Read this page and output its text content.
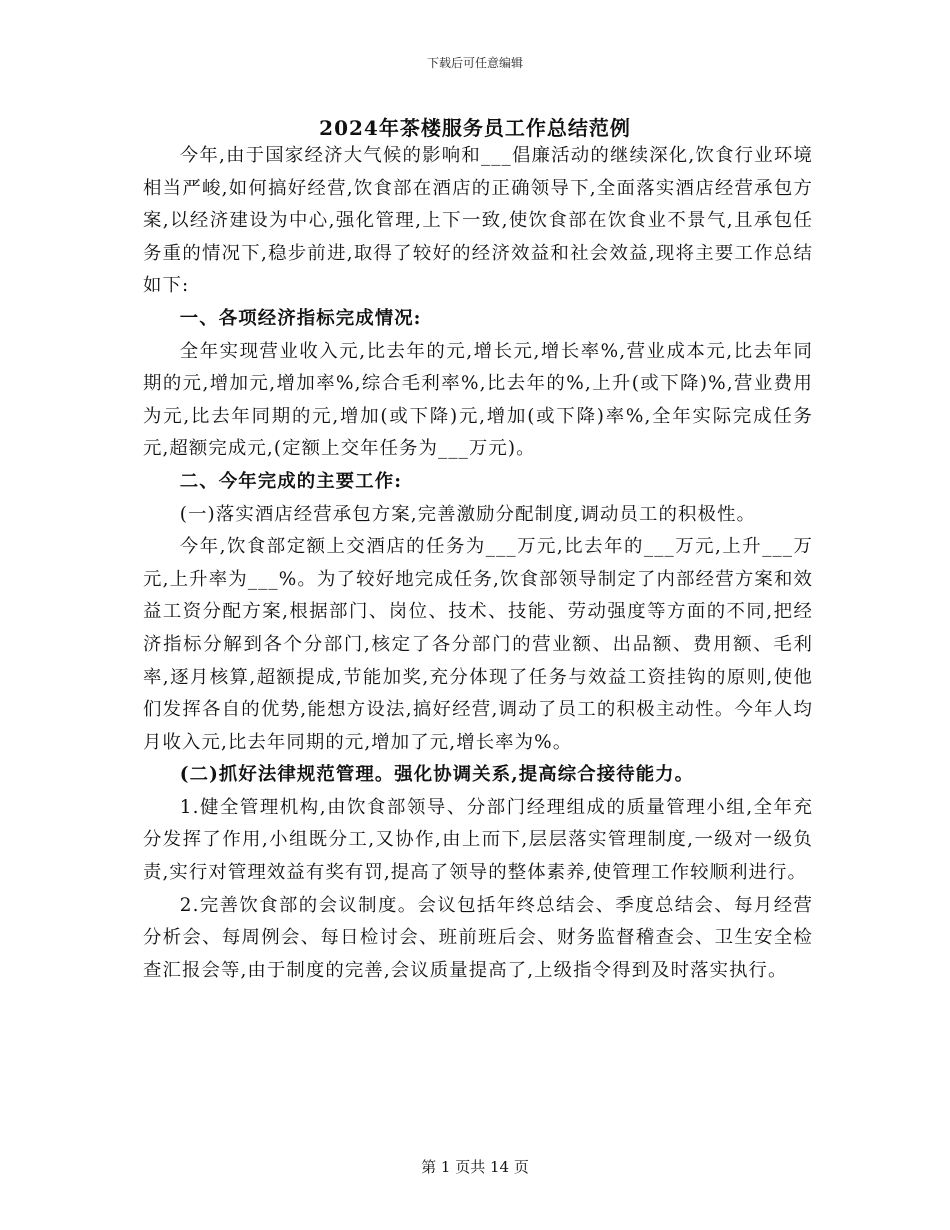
下载后可任意编辑
2024年茶楼服务员工作总结范例

今年,由于国家经济大气候的影响和___倡廉活动的继续深化,饮食行业环境相当严峻,如何搞好经营,饮食部在酒店的正确领导下,全面落实酒店经营承包方案,以经济建设为中心,强化管理,上下一致,使饮食部在饮食业不景气,且承包任务重的情况下,稳步前进,取得了较好的经济效益和社会效益,现将主要工作总结如下:

一、各项经济指标完成情况:

全年实现营业收入元,比去年的元,增长元,增长率%,营业成本元,比去年同期的元,增加元,增加率%,综合毛利率%,比去年的%,上升(或下降)%,营业费用为元,比去年同期的元,增加(或下降)元,增加(或下降)率%,全年实际完成任务元,超额完成元,(定额上交年任务为___万元)。

二、今年完成的主要工作:

(一)落实酒店经营承包方案,完善激励分配制度,调动员工的积极性。

今年,饮食部定额上交酒店的任务为___万元,比去年的___万元,上升___万元,上升率为___%。为了较好地完成任务,饮食部领导制定了内部经营方案和效益工资分配方案,根据部门、岗位、技术、技能、劳动强度等方面的不同,把经济指标分解到各个分部门,核定了各分部门的营业额、出品额、费用额、毛利率,逐月核算,超额提成,节能加奖,充分体现了任务与效益工资挂钩的原则,使他们发挥各自的优势,能想方设法,搞好经营,调动了员工的积极主动性。今年人均月收入元,比去年同期的元,增加了元,增长率为%。

(二)抓好法律规范管理。强化协调关系,提高综合接待能力。

1.健全管理机构,由饮食部领导、分部门经理组成的质量管理小组,全年充分发挥了作用,小组既分工,又协作,由上而下,层层落实管理制度,一级对一级负责,实行对管理效益有奖有罚,提高了领导的整体素养,使管理工作较顺利进行。

2.完善饮食部的会议制度。会议包括年终总结会、季度总结会、每月经营分析会、每周例会、每日检讨会、班前班后会、财务监督稽查会、卫生安全检查汇报会等,由于制度的完善,会议质量提高了,上级指令得到及时落实执行。

第 1 页共 14 页
